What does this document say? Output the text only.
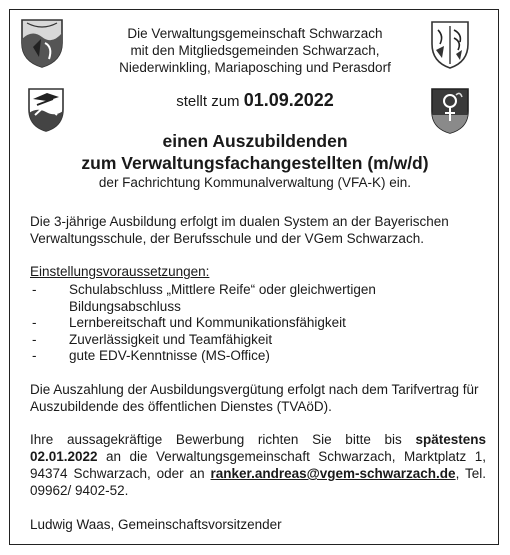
Die Verwaltungsgemeinschaft Schwarzach
mit den Mitgliedsgemeinden Schwarzach,
Niederwinkling, Mariaposching und Perasdorf
stellt zum 01.09.2022
einen Auszubildenden
zum Verwaltungsfachangestellten (m/w/d)
der Fachrichtung Kommunalverwaltung (VFA-K) ein.
Die 3-jährige Ausbildung erfolgt im dualen System an der Bayerischen Verwaltungsschule, der Berufsschule und der VGem Schwarzach.
Einstellungsvoraussetzungen:
- Schulabschluss „Mittlere Reife“ oder gleichwertigen Bildungsabschluss
- Lernbereitschaft und Kommunikationsfähigkeit
- Zuverlässigkeit und Teamfähigkeit
- gute EDV-Kenntnisse (MS-Office)
Die Auszahlung der Ausbildungsvergütung erfolgt nach dem Tarifvertrag für Auszubildende des öffentlichen Dienstes (TVAöD).
Ihre aussagekräftige Bewerbung richten Sie bitte bis spätestens 02.01.2022 an die Verwaltungsgemeinschaft Schwarzach, Marktplatz 1, 94374 Schwarzach, oder an ranker.andreas@vgem-schwarzach.de, Tel. 09962/ 9402-52.
Ludwig Waas, Gemeinschaftsvorsitzender
